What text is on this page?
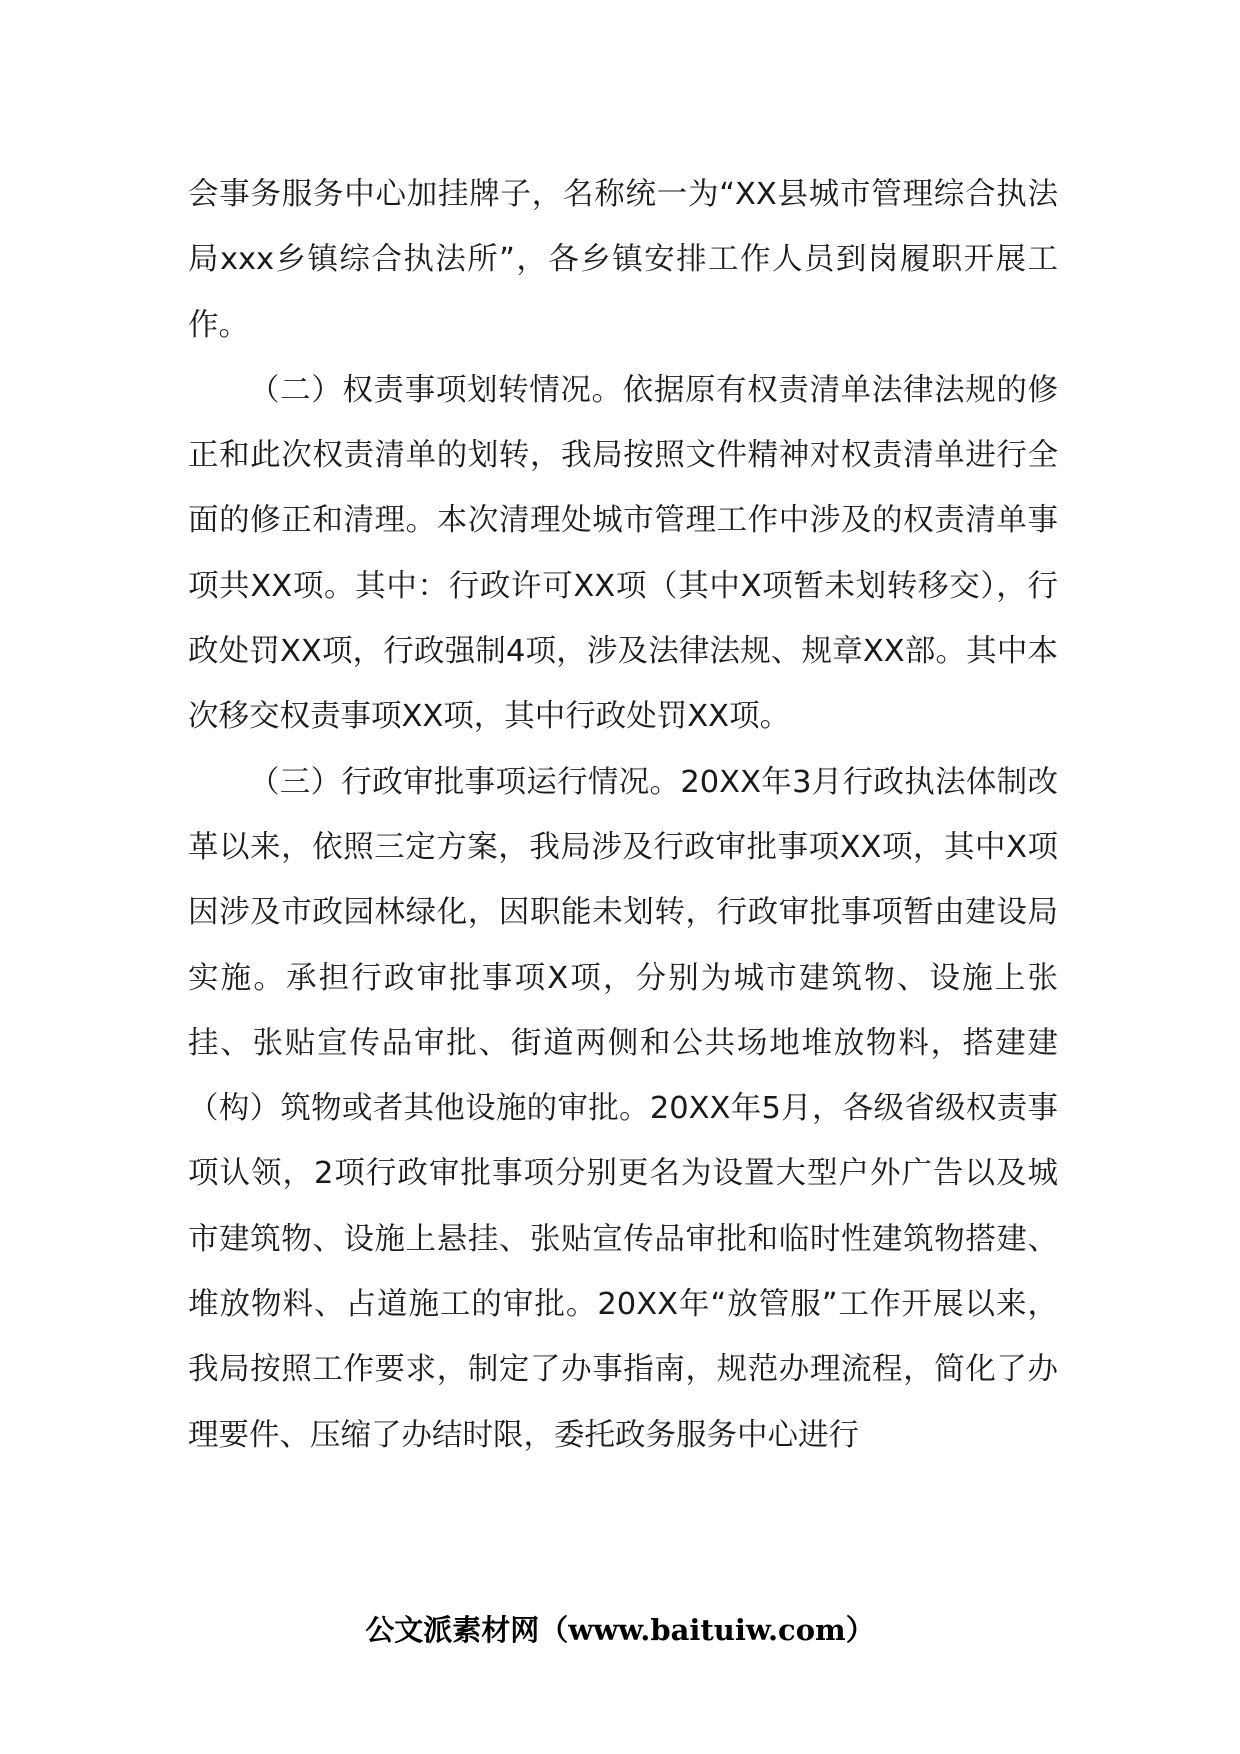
会事务服务中心加挂牌子，名称统一为“XX县城市管理综合执法局xxx乡镇综合执法所”，各乡镇安排工作人员到岗履职开展工作。

（二）权责事项划转情况。依据原有权责清单法律法规的修正和此次权责清单的划转，我局按照文件精神对权责清单进行全面的修正和清理。本次清理处城市管理工作中涉及的权责清单事项共XX项。其中：行政许可XX项（其中X项暂未划转移交），行政处罚XX项，行政强制4项，涉及法律法规、规章XX部。其中本次移交权责事项XX项，其中行政处罚XX项。

（三）行政审批事项运行情况。20XX年3月行政执法体制改革以来，依照三定方案，我局涉及行政审批事项XX项，其中X项因涉及市政园林绿化，因职能未划转，行政审批事项暂由建设局实施。承担行政审批事项X项，分别为城市建筑物、设施上张挂、张贴宣传品审批、街道两侧和公共场地堆放物料，搭建建（构）筑物或者其他设施的审批。20XX年5月，各级省级权责事项认领，2项行政审批事项分别更名为设置大型户外广告以及城市建筑物、设施上悬挂、张贴宣传品审批和临时性建筑物搭建、堆放物料、占道施工的审批。20XX年“放管服”工作开展以来，我局按照工作要求，制定了办事指南，规范办理流程，简化了办理要件、压缩了办结时限，委托政务服务中心进行

公文派素材网（www.baituiw.com）
